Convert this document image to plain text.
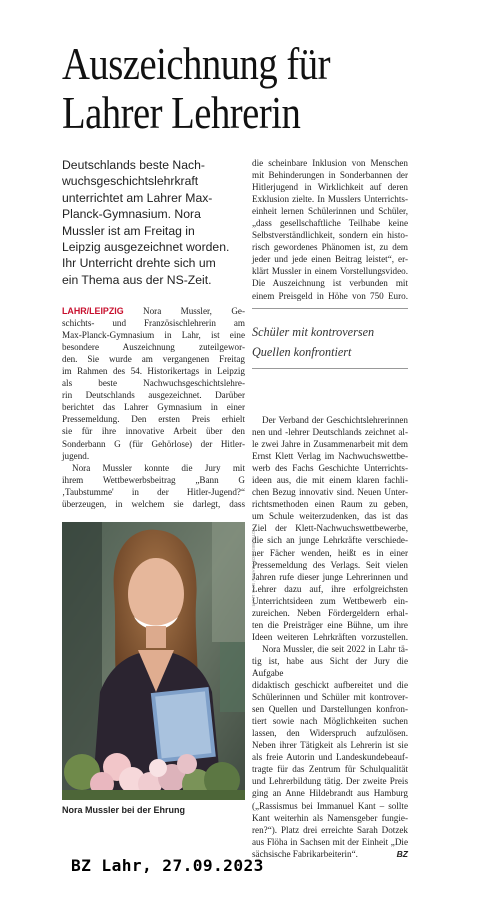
Auszeichnung für
Lahrer Lehrerin
Deutschlands beste Nach-
wuchsgeschichtslehrkraft
unterrichtet am Lahrer Max-
Planck-Gymnasium. Nora
Mussler ist am Freitag in
Leipzig ausgezeichnet worden.
Ihr Unterricht drehte sich um
ein Thema aus der NS-Zeit.
LAHR/LEIPZIG Nora Mussler, Ge-
schichts- und Französischlehrerin am
Max-Planck-Gymnasium in Lahr, ist eine
besondere Auszeichnung zuteilgewor-
den. Sie wurde am vergangenen Freitag
im Rahmen des 54. Historikertags in Leipzig
als beste Nachwuchsgeschichtslehre-
rin Deutschlands ausgezeichnet. Darüber
berichtet das Lahrer Gymnasium in einer
Pressemeldung. Den ersten Preis erhielt
sie für ihre innovative Arbeit über den
Sonderbann G (für Gehörlose) der Hitler-
jugend.
Nora Mussler konnte die Jury mit
ihrem Wettbewerbsbeitrag „Bann G
‚Taubstumme' in der Hitler-Jugend?“
überzeugen, in welchem sie darlegt, dass
die scheinbare Inklusion von Menschen
mit Behinderungen in Sonderbannen der
Hitlerjugend in Wirklichkeit auf deren
Exklusion zielte. In Musslers Unterrichts-
einheit lernen Schülerinnen und Schüler,
„dass gesellschaftliche Teilhabe keine
Selbstverständlichkeit, sondern ein histo-
risch gewordenes Phänomen ist, zu dem
jeder und jede einen Beitrag leistet“, er-
klärt Mussler in einem Vorstellungsvideo.
Die Auszeichnung ist verbunden mit
einem Preisgeld in Höhe von 750 Euro.
Schüler mit kontroversen
Quellen konfrontiert
Der Verband der Geschichtslehrerinnen
nen und -lehrer Deutschlands zeichnet al-
le zwei Jahre in Zusammenarbeit mit dem
Ernst Klett Verlag im Nachwuchswettbe-
werb des Fachs Geschichte Unterrichts-
ideen aus, die mit einem klaren fachli-
chen Bezug innovativ sind. Neuen Unter-
richtsmethoden einen Raum zu geben,
um Schule weiterzudenken, das ist das
Ziel der Klett-Nachwuchswettbewerbe,
die sich an junge Lehrkräfte verschiede-
ner Fächer wenden, heißt es in einer
Pressemeldung des Verlags. Seit vielen
Jahren rufe dieser junge Lehrerinnen und
Lehrer dazu auf, ihre erfolgreichsten
Unterrichtsideen zum Wettbewerb ein-
zureichen. Neben Fördergeldern erhal-
ten die Preisträger eine Bühne, um ihre
Ideen weiteren Lehrkräften vorzustellen.
Nora Mussler, die seit 2022 in Lahr tä-
tig ist, habe aus Sicht der Jury die Aufgabe
didaktisch geschickt aufbereitet und die
Schülerinnen und Schüler mit kontrover-
sen Quellen und Darstellungen konfron-
tiert sowie nach Möglichkeiten suchen
lassen, den Widerspruch aufzulösen.
Neben ihrer Tätigkeit als Lehrerin ist sie
als freie Autorin und Landeskundebeauf-
tragte für das Zentrum für Schulqualität
und Lehrerbildung tätig. Der zweite Preis
ging an Anne Hildebrandt aus Hamburg
(„Rassismus bei Immanuel Kant – sollte
Kant weiterhin als Namensgeber fungie-
ren?“). Platz drei erreichte Sarah Dotzek
aus Flöha in Sachsen mit der Einheit „Die
sächsische Fabrikarbeiterin“.	BZ
FOTO: BEN HOFFMANN / MPG LAHR
Nora Mussler bei der Ehrung
BZ Lahr, 27.09.2023
